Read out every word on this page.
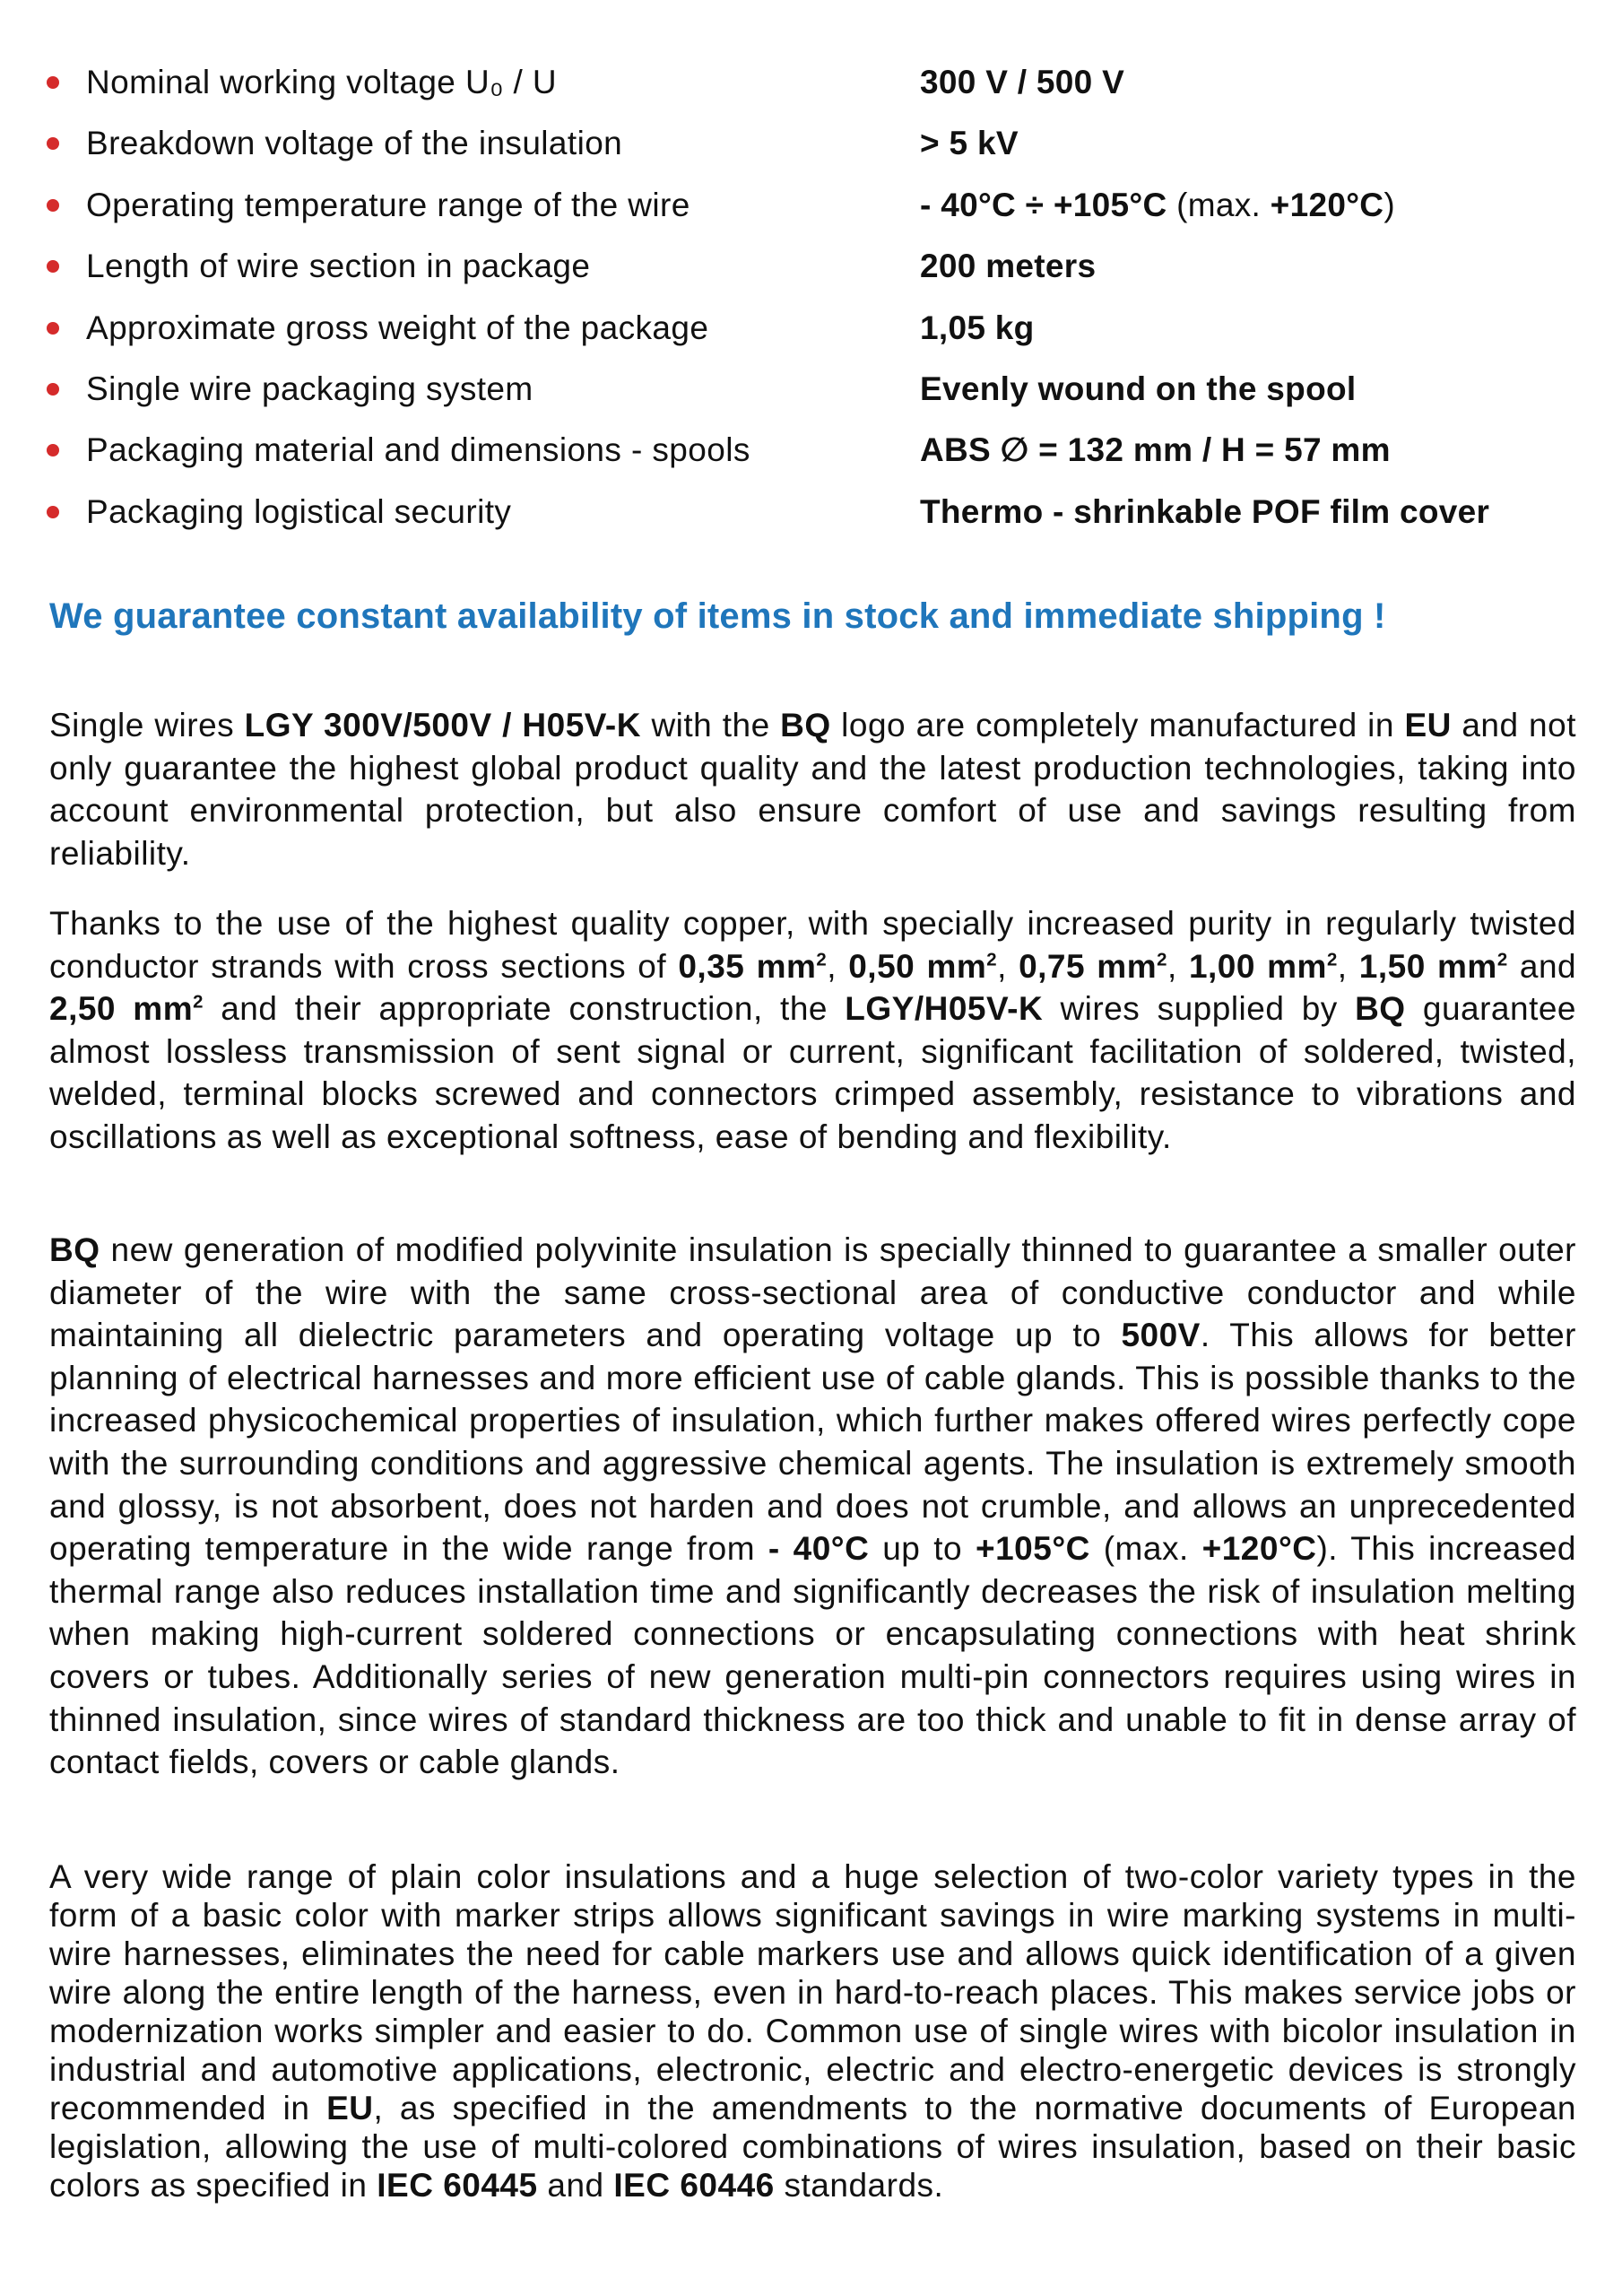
Nominal working voltage U₀ / U	300 V / 500 V
Breakdown voltage of the insulation	> 5 kV
Operating temperature range of the wire	- 40°C ÷ +105°C (max. +120°C)
Length of wire section in package	200 meters
Approximate gross weight of the package	1,05 kg
Single wire packaging system	Evenly wound on the spool
Packaging material and dimensions - spools	ABS ∅ = 132 mm / H = 57 mm
Packaging logistical security	Thermo - shrinkable POF film cover
We guarantee constant availability of items in stock and immediate shipping !

Single wires LGY 300V/500V / H05V-K with the BQ logo are completely manufactured in EU and not only guarantee the highest global product quality and the latest production technologies, taking into account environmental protection, but also ensure comfort of use and savings resulting from reliability.

Thanks to the use of the highest quality copper, with specially increased purity in regularly twisted conductor strands with cross sections of 0,35 $mm^2$, 0,50 $mm^2$, 0,75 $mm^2$, 1,00 $mm^2$, 1,50 $mm^2$ and 2,50 $mm^2$ and their appropriate construction, the LGY/H05V-K wires supplied by BQ guarantee almost lossless transmission of sent signal or current, significant facilitation of soldered, twisted, welded, terminal blocks screwed and connectors crimped assembly, resistance to vibrations and oscillations as well as exceptional softness, ease of bending and flexibility.

BQ new generation of modified polyvinite insulation is specially thinned to guarantee a smaller outer diameter of the wire with the same cross-sectional area of conductive conductor and while maintaining all dielectric parameters and operating voltage up to 500V. This allows for better planning of electrical harnesses and more efficient use of cable glands. This is possible thanks to the increased physicochemical properties of insulation, which further makes offered wires perfectly cope with the surrounding conditions and aggressive chemical agents. The insulation is extremely smooth and glossy, is not absorbent, does not harden and does not crumble, and allows an unprecedented operating temperature in the wide range from - 40°C up to +105°C (max. +120°C). This increased thermal range also reduces installation time and significantly decreases the risk of insulation melting when making high-current soldered connections or encapsulating connections with heat shrink covers or tubes. Additionally series of new generation multi-pin connectors requires using wires in thinned insulation, since wires of standard thickness are too thick and unable to fit in dense array of contact fields, covers or cable glands.

A very wide range of plain color insulations and a huge selection of two-color variety types in the form of a basic color with marker strips allows significant savings in wire marking systems in multi-wire harnesses, eliminates the need for cable markers use and allows quick identification of a given wire along the entire length of the harness, even in hard-to-reach places. This makes service jobs or modernization works simpler and easier to do. Common use of single wires with bicolor insulation in industrial and automotive applications, electronic, electric and electro-energetic devices is strongly recommended in EU, as specified in the amendments to the normative documents of European legislation, allowing the use of multi-colored combinations of wires insulation, based on their basic colors as specified in IEC 60445 and IEC 60446 standards.
